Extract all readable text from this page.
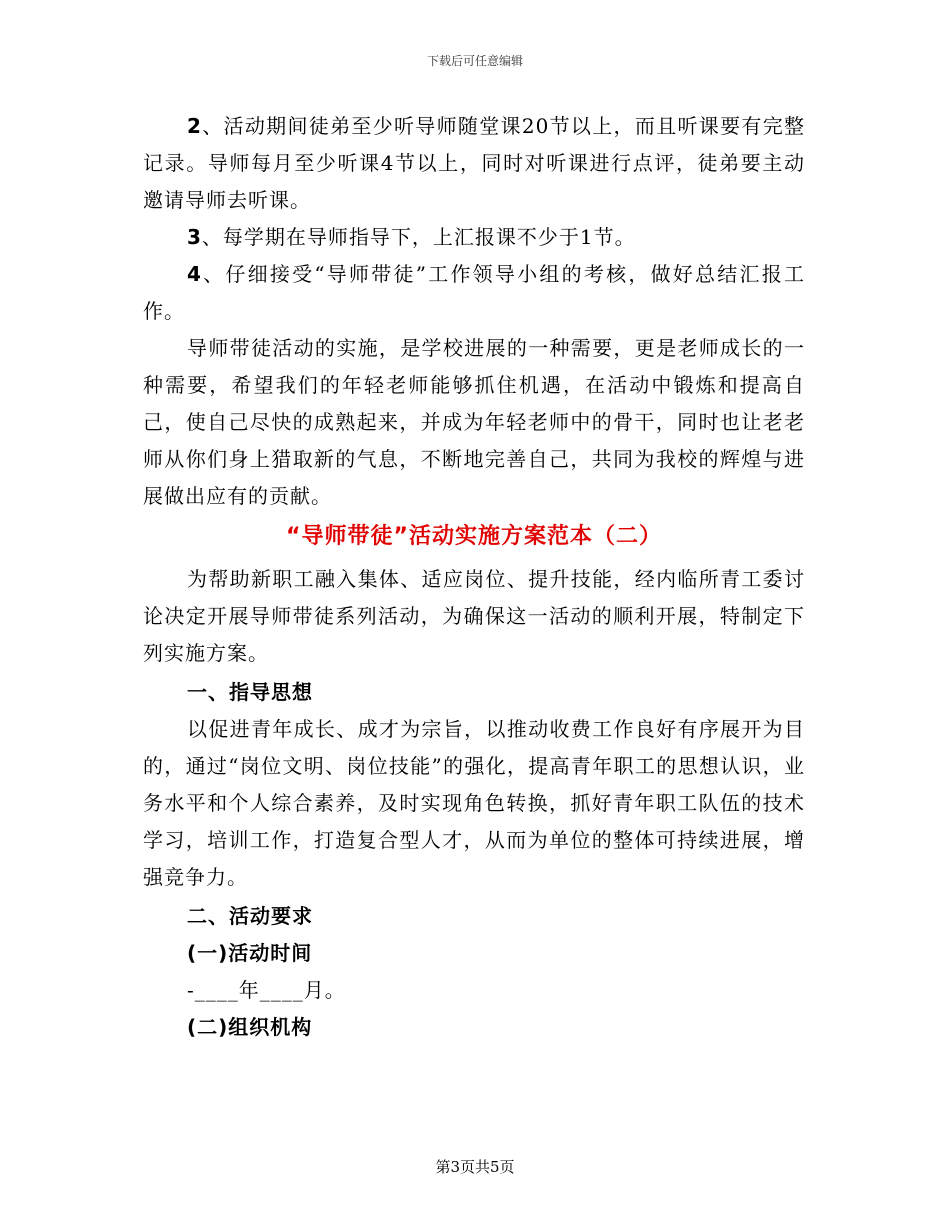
下载后可任意编辑

2、活动期间徒弟至少听导师随堂课20节以上，而且听课要有完整记录。导师每月至少听课4节以上，同时对听课进行点评，徒弟要主动邀请导师去听课。

3、每学期在导师指导下，上汇报课不少于1节。

4、仔细接受“导师带徒”工作领导小组的考核，做好总结汇报工作。

导师带徒活动的实施，是学校进展的一种需要，更是老师成长的一种需要，希望我们的年轻老师能够抓住机遇，在活动中锻炼和提高自己，使自己尽快的成熟起来，并成为年轻老师中的骨干，同时也让老老师从你们身上猎取新的气息，不断地完善自己，共同为我校的辉煌与进展做出应有的贡献。

“导师带徒”活动实施方案范本（二）

为帮助新职工融入集体、适应岗位、提升技能，经内临所青工委讨论决定开展导师带徒系列活动，为确保这一活动的顺利开展，特制定下列实施方案。

一、指导思想

以促进青年成长、成才为宗旨，以推动收费工作良好有序展开为目的，通过“岗位文明、岗位技能”的强化，提高青年职工的思想认识，业务水平和个人综合素养，及时实现角色转换，抓好青年职工队伍的技术学习，培训工作，打造复合型人才，从而为单位的整体可持续进展，增强竞争力。

二、活动要求

(一)活动时间

-____年____月。

(二)组织机构

第3页共5页
